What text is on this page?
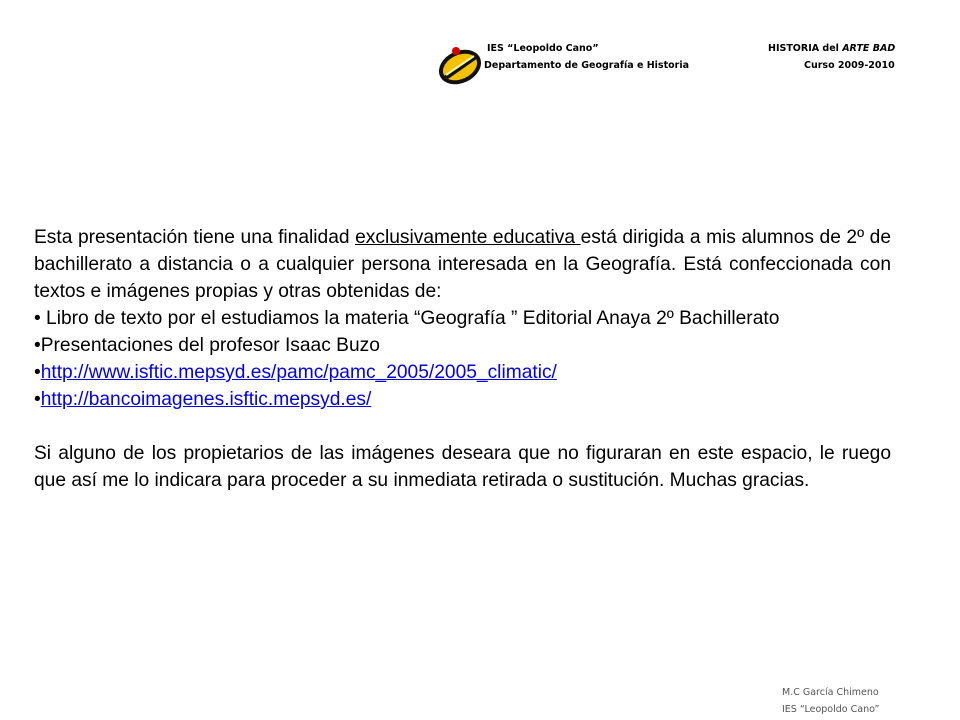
IES “Leopoldo Cano”
Departamento de Geografía e Historia
HISTORIA del ARTE BAD
Curso 2009-2010

Esta presentación tiene una finalidad exclusivamente educativa está dirigida a mis alumnos de 2º de bachillerato a distancia o a cualquier persona interesada en la Geografía. Está confeccionada con textos e imágenes propias y otras obtenidas de:

• Libro de texto por el estudiamos la materia “Geografía ” Editorial Anaya 2º Bachillerato

•Presentaciones del profesor Isaac Buzo

•http://www.isftic.mepsyd.es/pamc/pamc_2005/2005_climatic/

•http://bancoimagenes.isftic.mepsyd.es/

Si alguno de los propietarios de las imágenes deseara que no figuraran en este espacio, le ruego que así me lo indicara para proceder a su inmediata retirada o sustitución. Muchas gracias.

M.C García Chimeno
IES “Leopoldo Cano”
